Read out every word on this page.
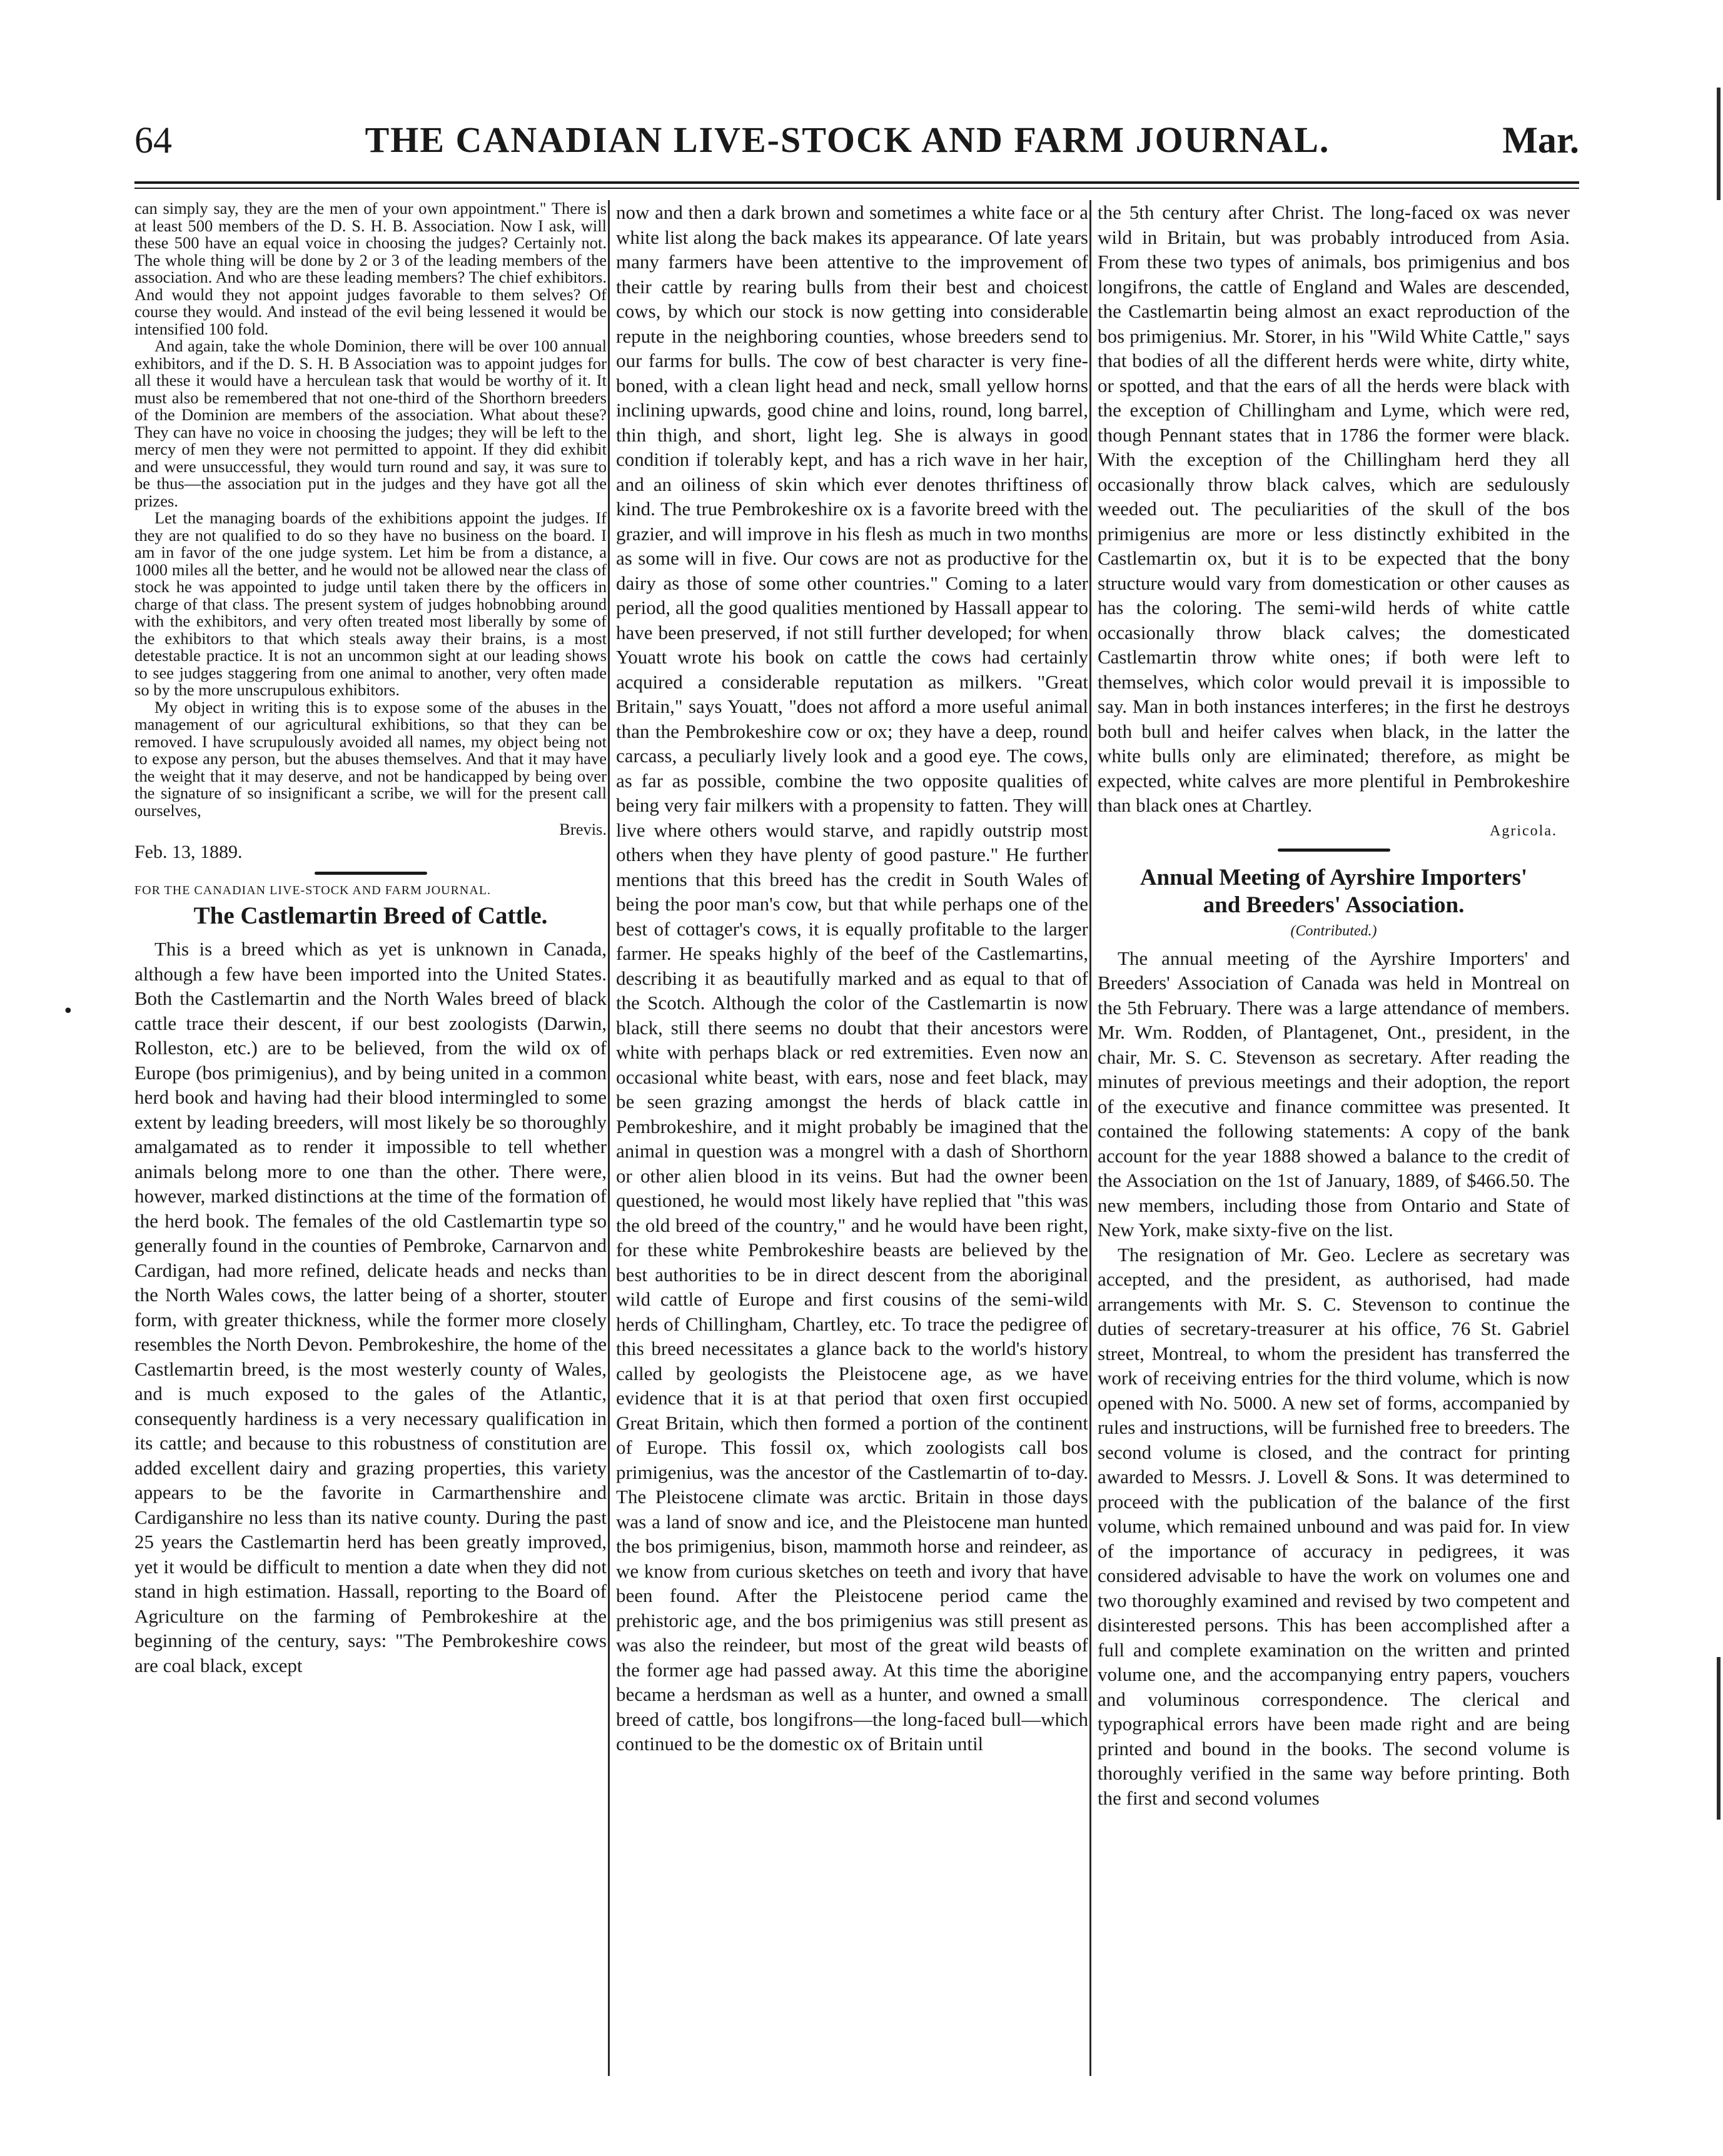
64	THE CANADIAN LIVE-STOCK AND FARM JOURNAL.	Mar.

can simply say, they are the men of your own appointment." There is at least 500 members of the D. S. H. B. Association. Now I ask, will these 500 have an equal voice in choosing the judges? Certainly not. The whole thing will be done by 2 or 3 of the leading members of the association. And who are these leading members? The chief exhibitors. And would they not appoint judges favorable to them selves? Of course they would. And instead of the evil being lessened it would be intensified 100 fold.

And again, take the whole Dominion, there will be over 100 annual exhibitors, and if the D. S. H. B Association was to appoint judges for all these it would have a herculean task that would be worthy of it. It must also be remembered that not one-third of the Shorthorn breeders of the Dominion are members of the association. What about these? They can have no voice in choosing the judges; they will be left to the mercy of men they were not permitted to appoint. If they did exhibit and were unsuccessful, they would turn round and say, it was sure to be thus—the association put in the judges and they have got all the prizes.

Let the managing boards of the exhibitions appoint the judges. If they are not qualified to do so they have no business on the board. I am in favor of the one judge system. Let him be from a distance, a 1000 miles all the better, and he would not be allowed near the class of stock he was appointed to judge until taken there by the officers in charge of that class. The present system of judges hobnobbing around with the exhibitors, and very often treated most liberally by some of the exhibitors to that which steals away their brains, is a most detestable practice. It is not an uncommon sight at our leading shows to see judges staggering from one animal to another, very often made so by the more unscrupulous exhibitors.

My object in writing this is to expose some of the abuses in the management of our agricultural exhibitions, so that they can be removed. I have scrupulously avoided all names, my object being not to expose any person, but the abuses themselves. And that it may have the weight that it may deserve, and not be handicapped by being over the signature of so insignificant a scribe, we will for the present call ourselves,

Brevis.

Feb. 13, 1889.

FOR THE CANADIAN LIVE-STOCK AND FARM JOURNAL.
The Castlemartin Breed of Cattle.

This is a breed which as yet is unknown in Canada, although a few have been imported into the United States. Both the Castlemartin and the North Wales breed of black cattle trace their descent, if our best zoologists (Darwin, Rolleston, etc.) are to be believed, from the wild ox of Europe (bos primigenius), and by being united in a common herd book and having had their blood intermingled to some extent by leading breeders, will most likely be so thoroughly amalgamated as to render it impossible to tell whether animals belong more to one than the other. There were, however, marked distinctions at the time of the formation of the herd book. The females of the old Castlemartin type so generally found in the counties of Pembroke, Carnarvon and Cardigan, had more refined, delicate heads and necks than the North Wales cows, the latter being of a shorter, stouter form, with greater thickness, while the former more closely resembles the North Devon. Pembrokeshire, the home of the Castlemartin breed, is the most westerly county of Wales, and is much exposed to the gales of the Atlantic, consequently hardiness is a very necessary qualification in its cattle; and because to this robustness of constitution are added excellent dairy and grazing properties, this variety appears to be the favorite in Carmarthenshire and Cardiganshire no less than its native county. During the past 25 years the Castlemartin herd has been greatly improved, yet it would be difficult to mention a date when they did not stand in high estimation. Hassall, reporting to the Board of Agriculture on the farming of Pembrokeshire at the beginning of the century, says: "The Pembrokeshire cows are coal black, except

now and then a dark brown and sometimes a white face or a white list along the back makes its appearance. Of late years many farmers have been attentive to the improvement of their cattle by rearing bulls from their best and choicest cows, by which our stock is now getting into considerable repute in the neighboring counties, whose breeders send to our farms for bulls. The cow of best character is very fine-boned, with a clean light head and neck, small yellow horns inclining upwards, good chine and loins, round, long barrel, thin thigh, and short, light leg. She is always in good condition if tolerably kept, and has a rich wave in her hair, and an oiliness of skin which ever denotes thriftiness of kind. The true Pembrokeshire ox is a favorite breed with the grazier, and will improve in his flesh as much in two months as some will in five. Our cows are not as productive for the dairy as those of some other countries." Coming to a later period, all the good qualities mentioned by Hassall appear to have been preserved, if not still further developed; for when Youatt wrote his book on cattle the cows had certainly acquired a considerable reputation as milkers. "Great Britain," says Youatt, "does not afford a more useful animal than the Pembrokeshire cow or ox; they have a deep, round carcass, a peculiarly lively look and a good eye. The cows, as far as possible, combine the two opposite qualities of being very fair milkers with a propensity to fatten. They will live where others would starve, and rapidly outstrip most others when they have plenty of good pasture." He further mentions that this breed has the credit in South Wales of being the poor man's cow, but that while perhaps one of the best of cottager's cows, it is equally profitable to the larger farmer. He speaks highly of the beef of the Castlemartins, describing it as beautifully marked and as equal to that of the Scotch. Although the color of the Castlemartin is now black, still there seems no doubt that their ancestors were white with perhaps black or red extremities. Even now an occasional white beast, with ears, nose and feet black, may be seen grazing amongst the herds of black cattle in Pembrokeshire, and it might probably be imagined that the animal in question was a mongrel with a dash of Shorthorn or other alien blood in its veins. But had the owner been questioned, he would most likely have replied that "this was the old breed of the country," and he would have been right, for these white Pembrokeshire beasts are believed by the best authorities to be in direct descent from the aboriginal wild cattle of Europe and first cousins of the semi-wild herds of Chillingham, Chartley, etc. To trace the pedigree of this breed necessitates a glance back to the world's history called by geologists the Pleistocene age, as we have evidence that it is at that period that oxen first occupied Great Britain, which then formed a portion of the continent of Europe. This fossil ox, which zoologists call bos primigenius, was the ancestor of the Castlemartin of to-day. The Pleistocene climate was arctic. Britain in those days was a land of snow and ice, and the Pleistocene man hunted the bos primigenius, bison, mammoth horse and reindeer, as we know from curious sketches on teeth and ivory that have been found. After the Pleistocene period came the prehistoric age, and the bos primigenius was still present as was also the reindeer, but most of the great wild beasts of the former age had passed away. At this time the aborigine became a herdsman as well as a hunter, and owned a small breed of cattle, bos longifrons—the long-faced bull—which continued to be the domestic ox of Britain until

the 5th century after Christ. The long-faced ox was never wild in Britain, but was probably introduced from Asia. From these two types of animals, bos primigenius and bos longifrons, the cattle of England and Wales are descended, the Castlemartin being almost an exact reproduction of the bos primigenius. Mr. Storer, in his "Wild White Cattle," says that bodies of all the different herds were white, dirty white, or spotted, and that the ears of all the herds were black with the exception of Chillingham and Lyme, which were red, though Pennant states that in 1786 the former were black. With the exception of the Chillingham herd they all occasionally throw black calves, which are sedulously weeded out. The peculiarities of the skull of the bos primigenius are more or less distinctly exhibited in the Castlemartin ox, but it is to be expected that the bony structure would vary from domestication or other causes as has the coloring. The semi-wild herds of white cattle occasionally throw black calves; the domesticated Castlemartin throw white ones; if both were left to themselves, which color would prevail it is impossible to say. Man in both instances interferes; in the first he destroys both bull and heifer calves when black, in the latter the white bulls only are eliminated; therefore, as might be expected, white calves are more plentiful in Pembrokeshire than black ones at Chartley.

Agricola.
Annual Meeting of Ayrshire Importers'
and Breeders' Association.
(Contributed.)

The annual meeting of the Ayrshire Importers' and Breeders' Association of Canada was held in Montreal on the 5th February. There was a large attendance of members. Mr. Wm. Rodden, of Plantagenet, Ont., president, in the chair, Mr. S. C. Stevenson as secretary. After reading the minutes of previous meetings and their adoption, the report of the executive and finance committee was presented. It contained the following statements: A copy of the bank account for the year 1888 showed a balance to the credit of the Association on the 1st of January, 1889, of $466.50. The new members, including those from Ontario and State of New York, make sixty-five on the list.

The resignation of Mr. Geo. Leclere as secretary was accepted, and the president, as authorised, had made arrangements with Mr. S. C. Stevenson to continue the duties of secretary-treasurer at his office, 76 St. Gabriel street, Montreal, to whom the president has transferred the work of receiving entries for the third volume, which is now opened with No. 5000. A new set of forms, accompanied by rules and instructions, will be furnished free to breeders. The second volume is closed, and the contract for printing awarded to Messrs. J. Lovell & Sons. It was determined to proceed with the publication of the balance of the first volume, which remained unbound and was paid for. In view of the importance of accuracy in pedigrees, it was considered advisable to have the work on volumes one and two thoroughly examined and revised by two competent and disinterested persons. This has been accomplished after a full and complete examination on the written and printed volume one, and the accompanying entry papers, vouchers and voluminous correspondence. The clerical and typographical errors have been made right and are being printed and bound in the books. The second volume is thoroughly verified in the same way before printing. Both the first and second volumes

•
